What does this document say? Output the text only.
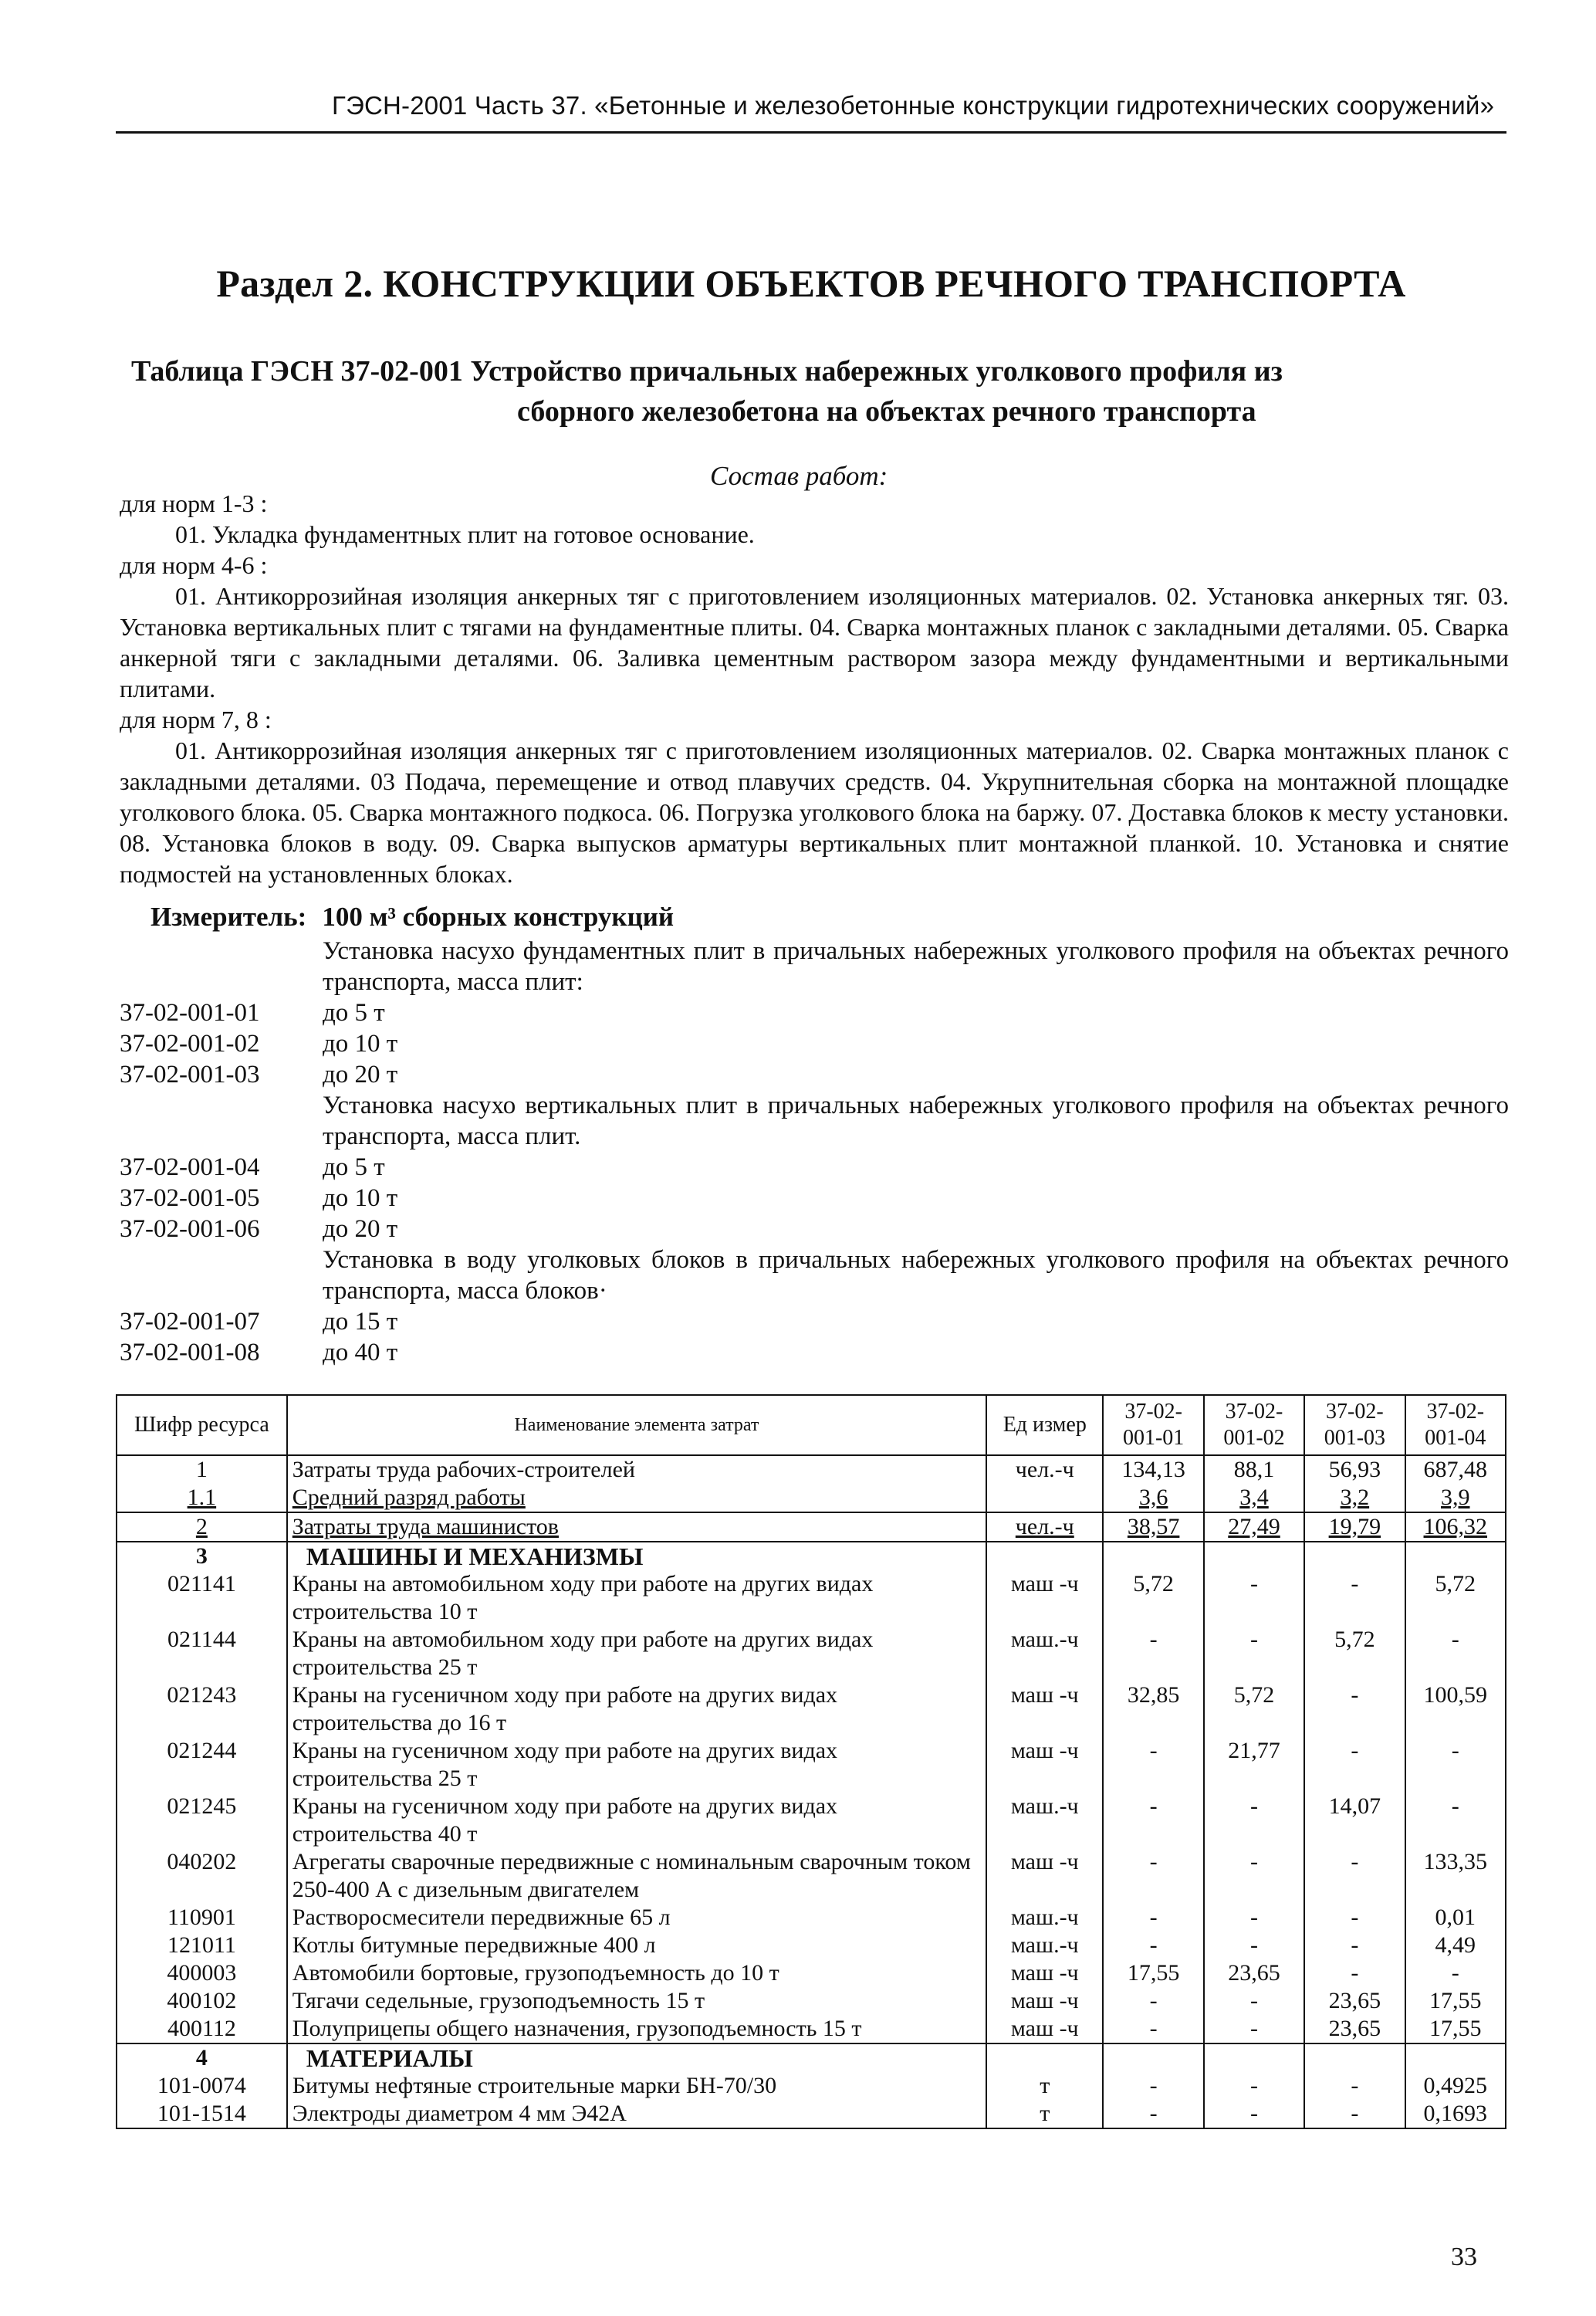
ГЭСН-2001 Часть 37. «Бетонные и железобетонные конструкции гидротехнических сооружений»
Раздел 2. КОНСТРУКЦИИ ОБЪЕКТОВ РЕЧНОГО ТРАНСПОРТА
Таблица ГЭСН 37-02-001 Устройство причальных набережных уголкового профиля из
сборного железобетона на объектах речного транспорта
Состав работ:

для норм 1-3 :

01. Укладка фундаментных плит на готовое основание.

для норм 4-6 :

01. Антикоррозийная изоляция анкерных тяг с приготовлением изоляционных материалов. 02. Установка анкерных тяг. 03. Установка вертикальных плит с тягами на фундаментные плиты. 04. Сварка монтажных планок с закладными деталями. 05. Сварка анкерной тяги с закладными деталями. 06. Заливка цементным раствором зазора между фундаментными и вертикальными плитами.

для норм 7, 8 :

01. Антикоррозийная изоляция анкерных тяг с приготовлением изоляционных материалов. 02. Сварка монтажных планок с закладными деталями. 03 Подача, перемещение и отвод плавучих средств. 04. Укрупнительная сборка на монтажной площадке уголкового блока. 05. Сварка монтажного подкоса. 06. Погрузка уголкового блока на баржу. 07. Доставка блоков к месту установки. 08. Установка блоков в воду. 09. Сварка выпусков арматуры вертикальных плит монтажной планкой. 10. Установка и снятие подмостей на установленных блоках.

Измеритель: 100 м³ сборных конструкций
Установка насухо фундаментных плит в причальных набережных уголкового профиля на объектах речного транспорта, масса плит:
37-02-001-01	до 5 т
37-02-001-02	до 10 т
37-02-001-03	до 20 т
Установка насухо вертикальных плит в причальных набережных уголкового профиля на объектах речного транспорта, масса плит.
37-02-001-04	до 5 т
37-02-001-05	до 10 т
37-02-001-06	до 20 т
Установка в воду уголковых блоков в причальных набережных уголкового профиля на объектах речного транспорта, масса блоков·
37-02-001-07	до 15 т
37-02-001-08	до 40 т
Шифр ресурса	Наименование элемента затрат	Ед измер	37-02- 001-01	37-02- 001-02	37-02- 001-03	37-02- 001-04
1	Затраты труда рабочих-строителей	чел.-ч	134,13	88,1	56,93	687,48
1.1	Средний разряд работы		3,6	3,4	3,2	3,9
2	Затраты труда машинистов	чел.-ч	38,57	27,49	19,79	106,32
3	МАШИНЫ И МЕХАНИЗМЫ					
021141	Краны на автомобильном ходу при работе на других видах строительства 10 т	маш -ч	5,72	-	-	5,72
021144	Краны на автомобильном ходу при работе на других видах строительства 25 т	маш.-ч	-	-	5,72	-
021243	Краны на гусеничном ходу при работе на других видах строительства до 16 т	маш -ч	32,85	5,72	-	100,59
021244	Краны на гусеничном ходу при работе на других видах строительства 25 т	маш -ч	-	21,77	-	-
021245	Краны на гусеничном ходу при работе на других видах строительства 40 т	маш.-ч	-	-	14,07	-
040202	Агрегаты сварочные передвижные с номинальным сварочным током 250-400 А с дизельным двигателем	маш -ч	-	-	-	133,35
110901	Растворосмесители передвижные 65 л	маш.-ч	-	-	-	0,01
121011	Котлы битумные передвижные 400 л	маш.-ч	-	-	-	4,49
400003	Автомобили бортовые, грузоподъемность до 10 т	маш -ч	17,55	23,65	-	-
400102	Тягачи седельные, грузоподъемность 15 т	маш -ч	-	-	23,65	17,55
400112	Полуприцепы общего назначения, грузоподъемность 15 т	маш -ч	-	-	23,65	17,55
4	МАТЕРИАЛЫ					
101-0074	Битумы нефтяные строительные марки БН-70/30	т	-	-	-	0,4925
101-1514	Электроды диаметром 4 мм Э42А	т	-	-	-	0,1693
33
